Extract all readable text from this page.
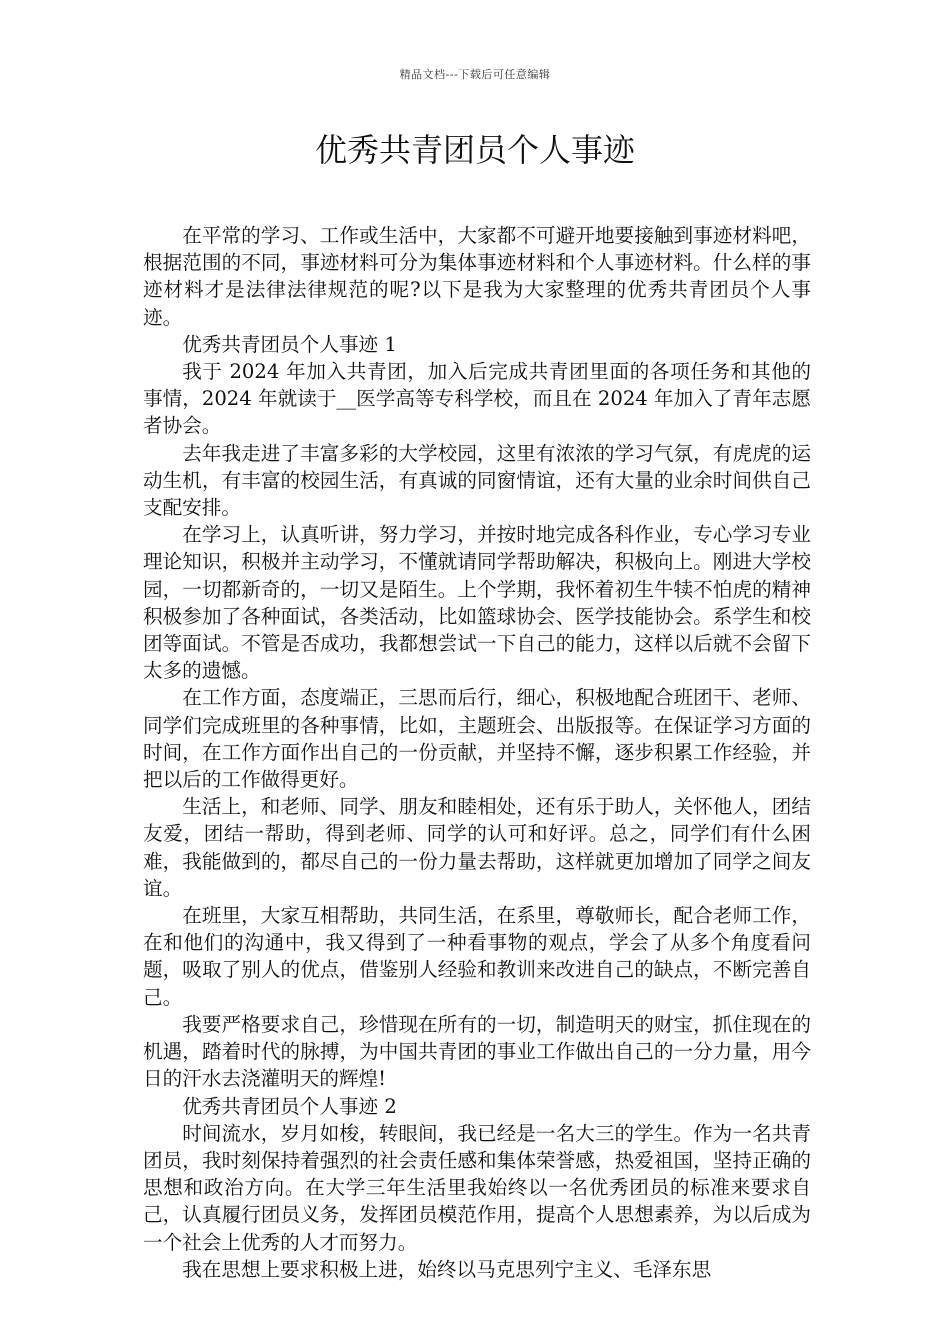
精品文档---下载后可任意编辑
优秀共青团员个人事迹

在平常的学习、工作或生活中，大家都不可避开地要接触到事迹材料吧，根据范围的不同，事迹材料可分为集体事迹材料和个人事迹材料。什么样的事迹材料才是法律法律规范的呢?以下是我为大家整理的优秀共青团员个人事迹。

优秀共青团员个人事迹 1

我于 2024 年加入共青团，加入后完成共青团里面的各项任务和其他的事情，2024 年就读于__医学高等专科学校，而且在 2024 年加入了青年志愿者协会。

去年我走进了丰富多彩的大学校园，这里有浓浓的学习气氛，有虎虎的运动生机，有丰富的校园生活，有真诚的同窗情谊，还有大量的业余时间供自己支配安排。

在学习上，认真听讲，努力学习，并按时地完成各科作业，专心学习专业理论知识，积极并主动学习，不懂就请同学帮助解决，积极向上。刚进大学校园，一切都新奇的，一切又是陌生。上个学期，我怀着初生牛犊不怕虎的精神积极参加了各种面试，各类活动，比如篮球协会、医学技能协会。系学生和校团等面试。不管是否成功，我都想尝试一下自己的能力，这样以后就不会留下太多的遗憾。

在工作方面，态度端正，三思而后行，细心，积极地配合班团干、老师、同学们完成班里的各种事情，比如，主题班会、出版报等。在保证学习方面的时间，在工作方面作出自己的一份贡献，并坚持不懈，逐步积累工作经验，并把以后的工作做得更好。

生活上，和老师、同学、朋友和睦相处，还有乐于助人，关怀他人，团结友爱，团结一帮助，得到老师、同学的认可和好评。总之，同学们有什么困难，我能做到的，都尽自己的一份力量去帮助，这样就更加增加了同学之间友谊。

在班里，大家互相帮助，共同生活，在系里，尊敬师长，配合老师工作，在和他们的沟通中，我又得到了一种看事物的观点，学会了从多个角度看问题，吸取了别人的优点，借鉴别人经验和教训来改进自己的缺点，不断完善自己。

我要严格要求自己，珍惜现在所有的一切，制造明天的财宝，抓住现在的机遇，踏着时代的脉搏，为中国共青团的事业工作做出自己的一分力量，用今日的汗水去浇灌明天的辉煌!

优秀共青团员个人事迹 2

时间流水，岁月如梭，转眼间，我已经是一名大三的学生。作为一名共青团员，我时刻保持着强烈的社会责任感和集体荣誉感，热爱祖国，坚持正确的思想和政治方向。在大学三年生活里我始终以一名优秀团员的标准来要求自己，认真履行团员义务，发挥团员模范作用，提高个人思想素养，为以后成为一个社会上优秀的人才而努力。

我在思想上要求积极上进，始终以马克思列宁主义、毛泽东思
